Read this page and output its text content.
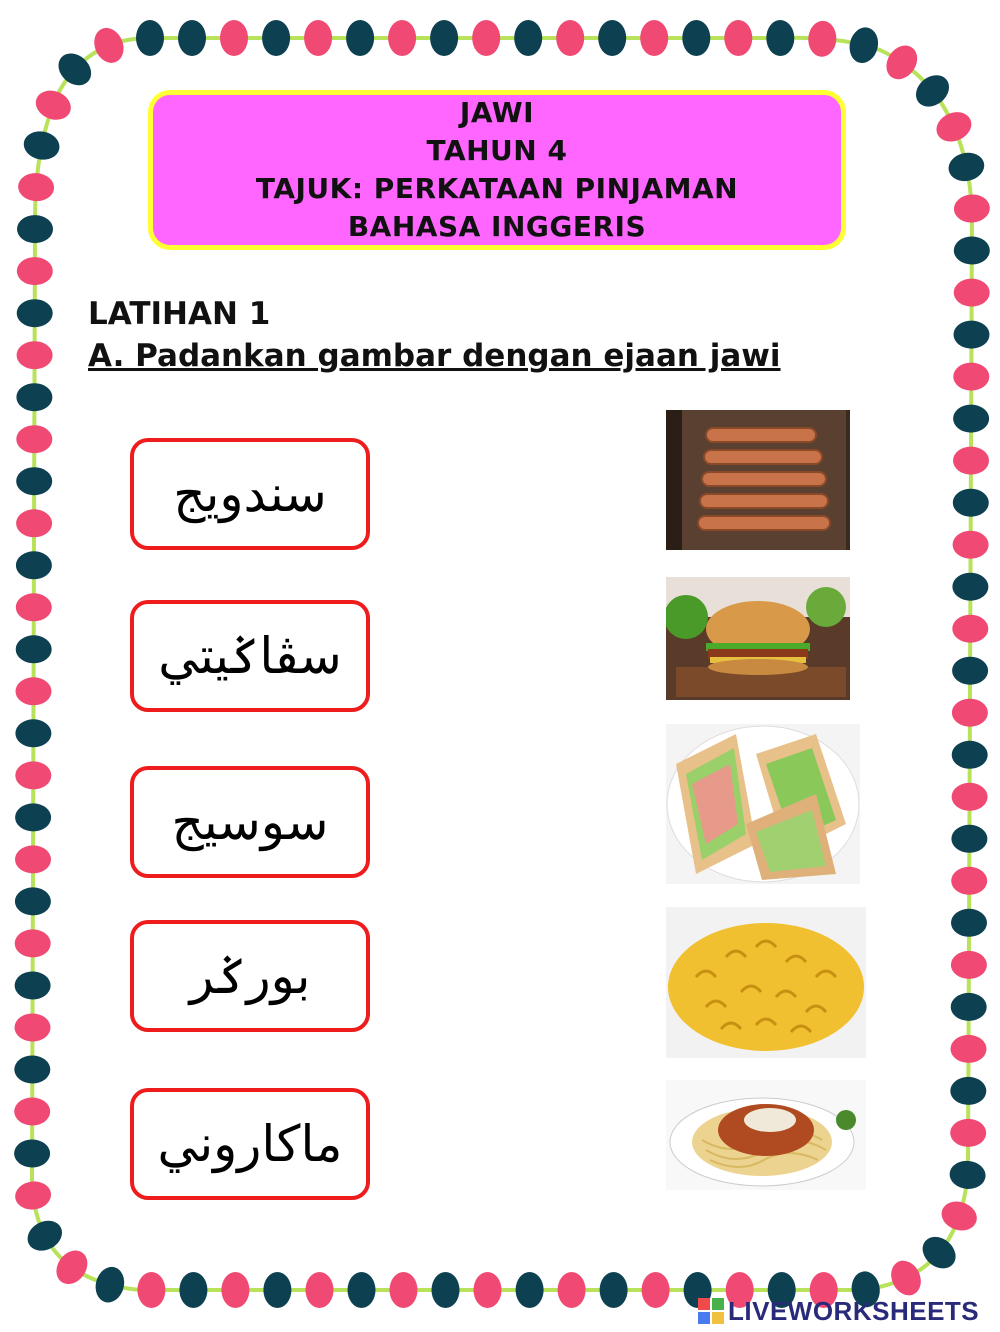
JAWI
TAHUN 4
TAJUK: PERKATAAN PINJAMAN
BAHASA INGGERIS
LATIHAN 1
A. Padankan gambar dengan ejaan jawi
سندويج
سڤاݢيتي
سوسيج
بورݢر
ماكاروني
LIVEWORKSHEETS
